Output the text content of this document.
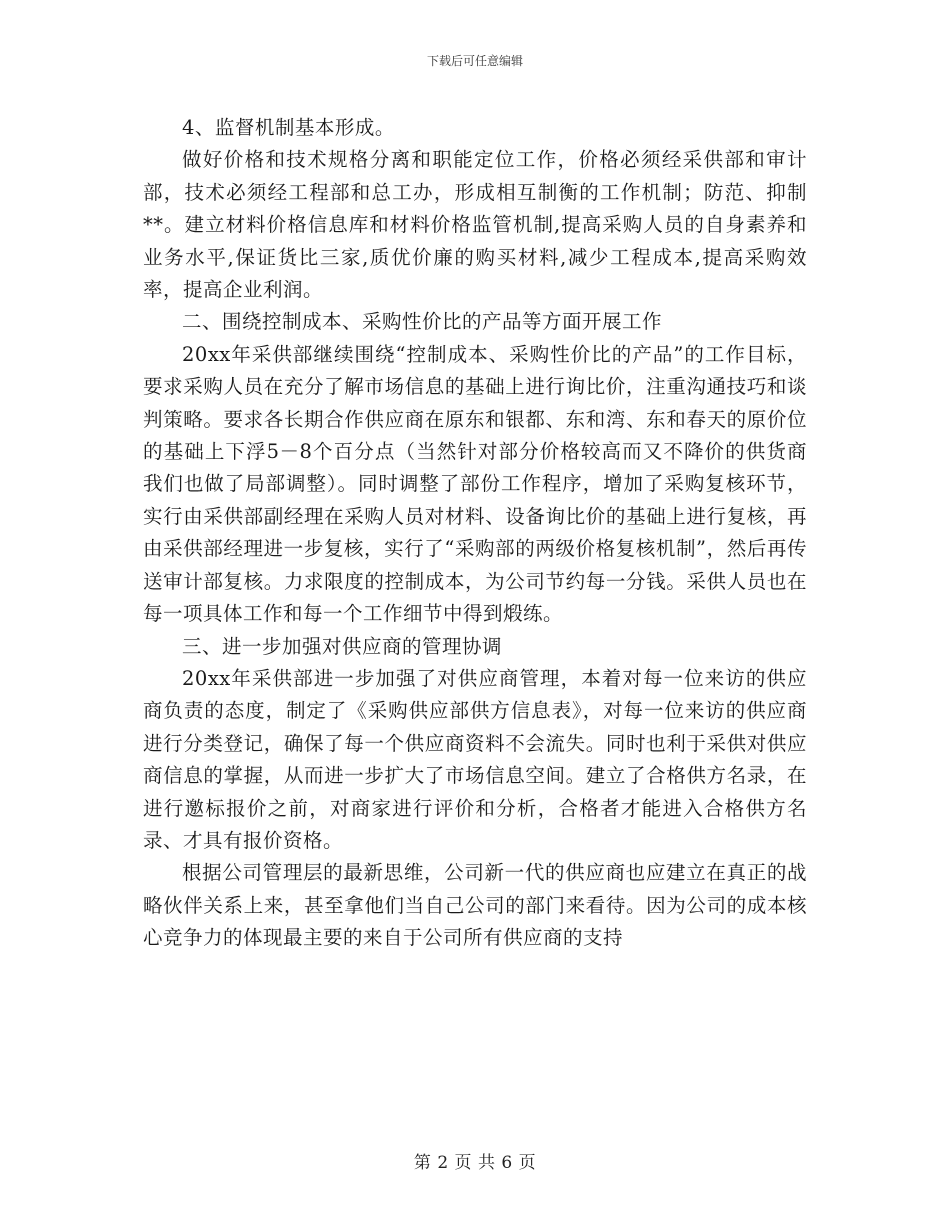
下载后可任意编辑

4、监督机制基本形成。

做好价格和技术规格分离和职能定位工作，价格必须经采供部和审计部，技术必须经工程部和总工办，形成相互制衡的工作机制；防范、抑制**。建立材料价格信息库和材料价格监管机制,提高采购人员的自身素养和业务水平,保证货比三家,质优价廉的购买材料,减少工程成本,提高采购效率，提高企业利润。

二、围绕控制成本、采购性价比的产品等方面开展工作

20xx年采供部继续围绕“控制成本、采购性价比的产品”的工作目标，要求采购人员在充分了解市场信息的基础上进行询比价，注重沟通技巧和谈判策略。要求各长期合作供应商在原东和银都、东和湾、东和春天的原价位的基础上下浮5－8个百分点（当然针对部分价格较高而又不降价的供货商我们也做了局部调整）。同时调整了部份工作程序，增加了采购复核环节，实行由采供部副经理在采购人员对材料、设备询比价的基础上进行复核，再由采供部经理进一步复核，实行了“采购部的两级价格复核机制”，然后再传送审计部复核。力求限度的控制成本，为公司节约每一分钱。采供人员也在每一项具体工作和每一个工作细节中得到煅练。

三、进一步加强对供应商的管理协调

20xx年采供部进一步加强了对供应商管理，本着对每一位来访的供应商负责的态度，制定了《采购供应部供方信息表》，对每一位来访的供应商进行分类登记，确保了每一个供应商资料不会流失。同时也利于采供对供应商信息的掌握，从而进一步扩大了市场信息空间。建立了合格供方名录，在进行邀标报价之前，对商家进行评价和分析，合格者才能进入合格供方名录、才具有报价资格。

根据公司管理层的最新思维，公司新一代的供应商也应建立在真正的战略伙伴关系上来，甚至拿他们当自己公司的部门来看待。因为公司的成本核心竞争力的体现最主要的来自于公司所有供应商的支持

第 2 页 共 6 页
